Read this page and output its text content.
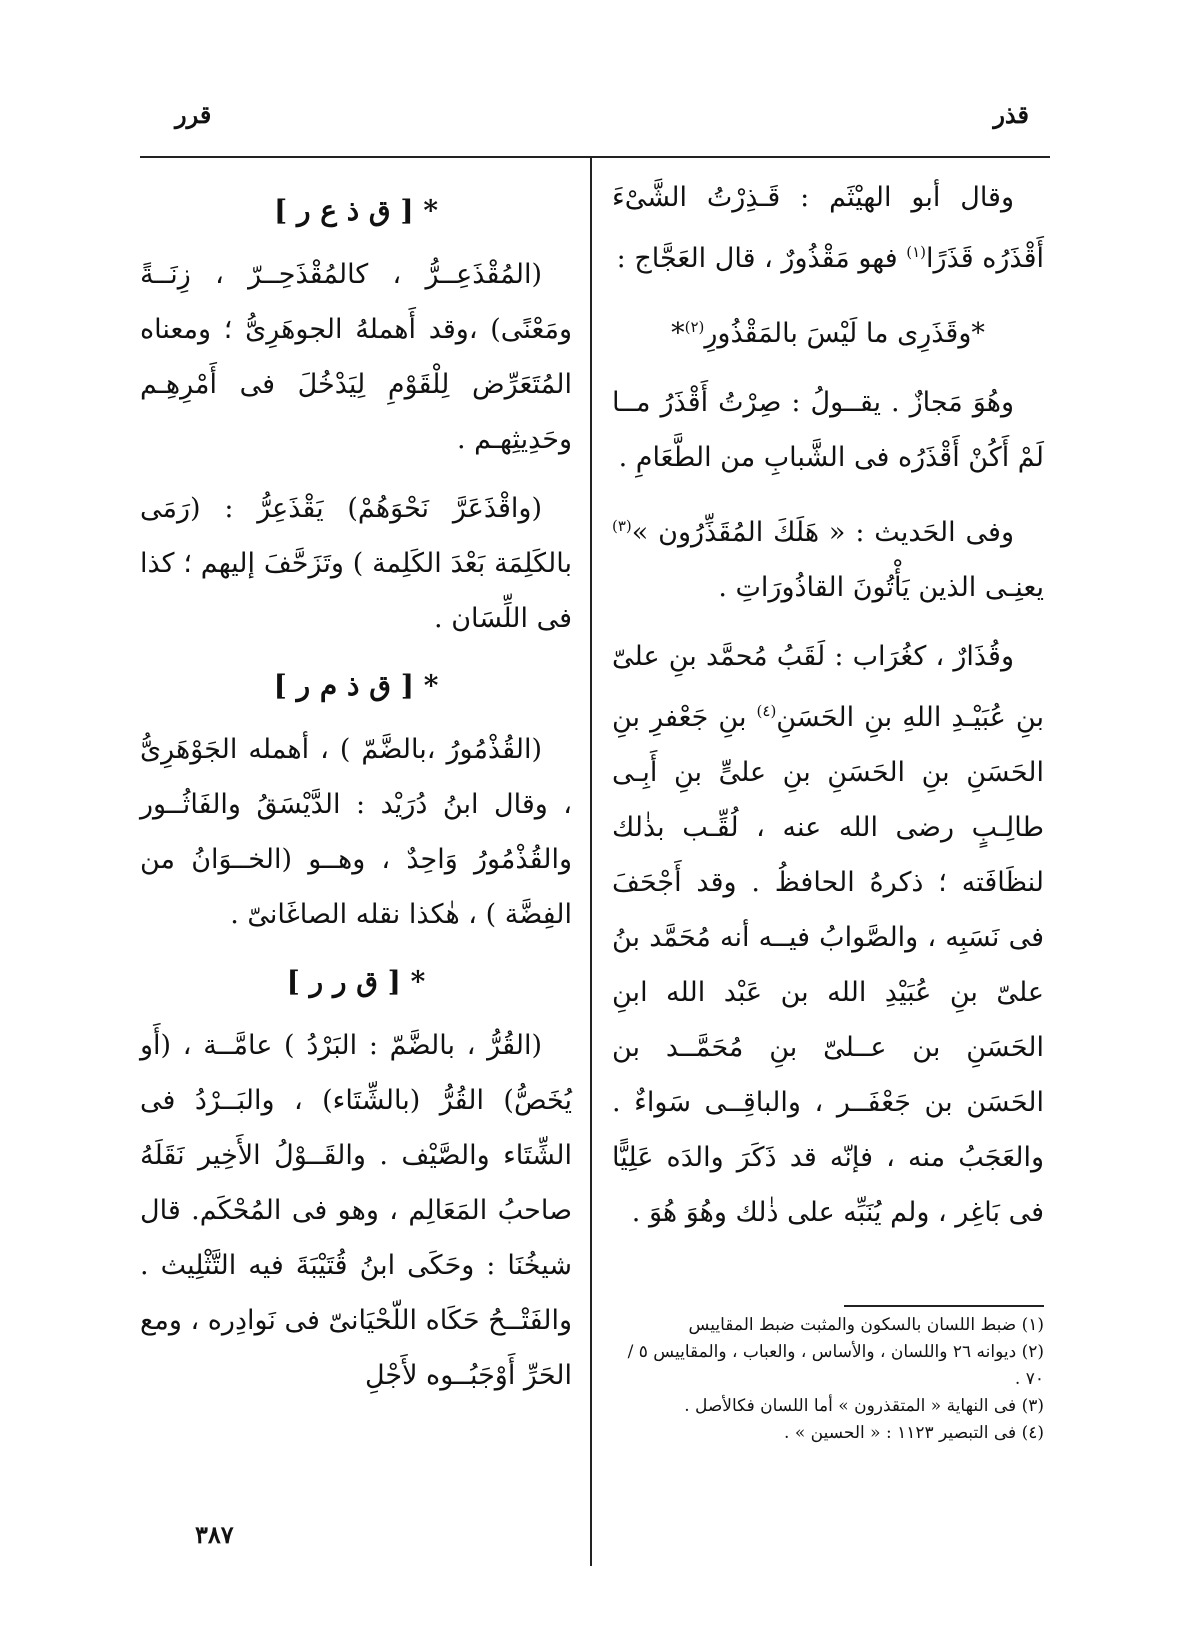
قذر
قرر

وقال أبو الهيْثَم : قَـذِرْتُ الشَّىْءَ أَقْذَرُه قَذَرًا$^{(١)}$ فهو مَقْذُورٌ ، قال العَجَّاج :

*وقَذَرِى ما لَيْسَ بالمَقْذُورِ$^{(٢)}$*

وهُوَ مَجازٌ . يقــولُ : صِرْتُ أَقْذَرُ مــا لَمْ أَكُنْ أَقْذَرُه فى الشَّبابِ من الطَّعَامِ .

وفى الحَديث : « هَلَكَ المُقَذِّرُون »$^{(٣)}$ يعنِـى الذين يَأْتُونَ القاذُورَاتِ .

وقُذَارٌ ، كغُرَاب : لَقَبُ مُحمَّد بنِ علىّ بنِ عُبَيْـدِ اللهِ بنِ الحَسَنِ$^{(٤)}$ بنِ جَعْفرِ بنِ الحَسَنِ بنِ الحَسَنِ بنِ علىٍّ بنِ أَبِـى طالِـبٍ رضى الله عنه ، لُقِّـب بذٰلك لنظَافَته ؛ ذكرهُ الحافظُ . وقد أَجْحَفَ فى نَسَبِه ، والصَّوابُ فيــه أنه مُحَمَّد بنُ علىّ بنِ عُبَيْدِ الله بن عَبْد الله ابنِ الحَسَنِ بن عــلىّ بنِ مُحَمَّــد بن الحَسَن بن جَعْفَــر ، والباقِــى سَواءٌ . والعَجَبُ منه ، فإنّه قد ذَكَرَ والدَه عَلِيًّا فى بَاغِر ، ولم يُنَبِّه على ذٰلك وهُوَ هُوَ .

* [ ق ذ ع ر ]

(المُقْذَعِــرُّ ، كالمُقْذَحِــرّ ، زِنَــةً ومَعْنًى) ،وقد أَهملهُ الجوهَرِىُّ ؛ ومعناه المُتَعَرِّض لِلْقَوْمِ لِيَدْخُلَ فى أَمْرِهِـم وحَدِيثِهـم .

(واقْذَعَرَّ نَحْوَهُمْ) يَقْذَعِرُّ : (رَمَى بالكَلِمَة بَعْدَ الكَلِمة ) وتَزَحَّفَ إليهم ؛ كذا فى اللِّسَان .

* [ ق ذ م ر ]

(القُذْمُورُ ،بالضَّمّ ) ، أهمله الجَوْهَرِىُّ ، وقال ابنُ دُرَيْد : الدَّيْسَقُ والفَاثُــور والقُذْمُورُ وَاحِدٌ ، وهــو (الخــوَانُ من الفِضَّة ) ، هٰكذا نقله الصاغَانىّ .

* [ ق ر ر ]

(القُرُّ ، بالضَّمّ : البَرْدُ ) عامَّــة ، (أَو يُخَصُّ) القُرُّ (بالشِّتَاء) ، والبَــرْدُ فى الشِّتَاء والصَّيْف . والقَــوْلُ الأَخِير نَقَلَهُ صاحبُ المَعَالِم ، وهو فى المُحْكَم. قال شيخُنَا : وحَكَى ابنُ قُتَيْبَةَ فيه التَّثْلِيث . والفَتْــحُ حَكَاه اللّحْيَانىّ فى نَوادِره ، ومع الحَرِّ أَوْجَبُــوه لأَجْلِ

(١) ضبط اللسان بالسكون والمثبت ضبط المقاييس

(٢) ديوانه ٢٦ واللسان ، والأساس ، والعباب ، والمقاييس ٥ /٧٠ .

(٣) فى النهاية « المتقذرون » أما اللسان فكالأصل .

(٤) فى التبصير ١١٢٣ : « الحسين » .

٣٨٧
